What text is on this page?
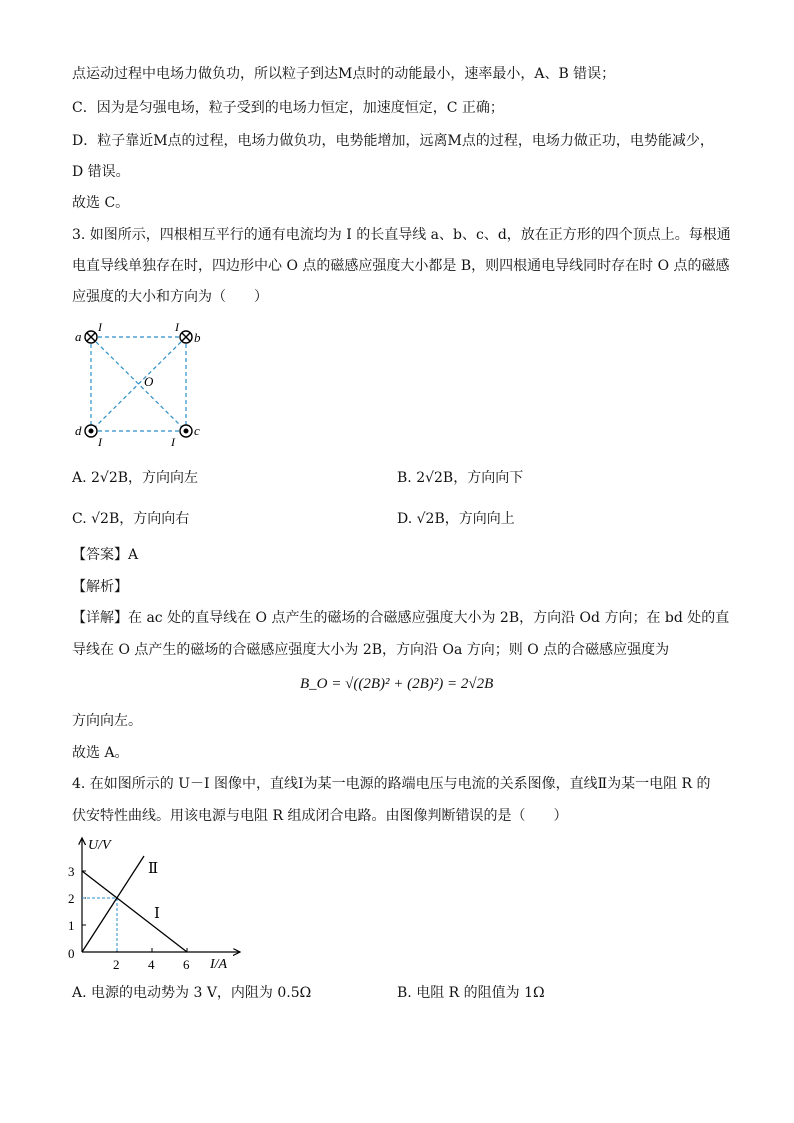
点运动过程中电场力做负功，所以粒子到达M点时的动能最小，速率最小，A、B 错误；
C．因为是匀强电场，粒子受到的电场力恒定，加速度恒定，C 正确；
D．粒子靠近M点的过程，电场力做负功，电势能增加，远离M点的过程，电场力做正功，电势能减少，
D 错误。
故选 C。
3. 如图所示，四根相互平行的通有电流均为 I 的长直导线 a、b、c、d，放在正方形的四个顶点上。每根通
电直导线单独存在时，四边形中心 O 点的磁感应强度大小都是 B，则四根通电导线同时存在时 O 点的磁感
应强度的大小和方向为（　　）
a	b
c
d
O
I	I
I	I
A. 2√2B，方向向左	B. 2√2B，方向向下
C. √2B，方向向右	D. √2B，方向向上
【答案】A
【解析】
【详解】在 ac 处的直导线在 O 点产生的磁场的合磁感应强度大小为 2B，方向沿 Od 方向；在 bd 处的直
导线在 O 点产生的磁场的合磁感应强度大小为 2B，方向沿 Oa 方向；则 O 点的合磁感应强度为
B_O = √((2B)² + (2B)²) = 2√2B
方向向左。
故选 A。
4. 在如图所示的 U－I 图像中，直线Ⅰ为某一电源的路端电压与电流的关系图像，直线Ⅱ为某一电阻 R 的
伏安特性曲线。用该电源与电阻 R 组成闭合电路。由图像判断错误的是（　　）
U/V
I/A
3
2
1
0
2 4 6
Ⅱ
Ⅰ
A. 电源的电动势为 3 V，内阻为 0.5Ω	B. 电阻 R 的阻值为 1Ω
